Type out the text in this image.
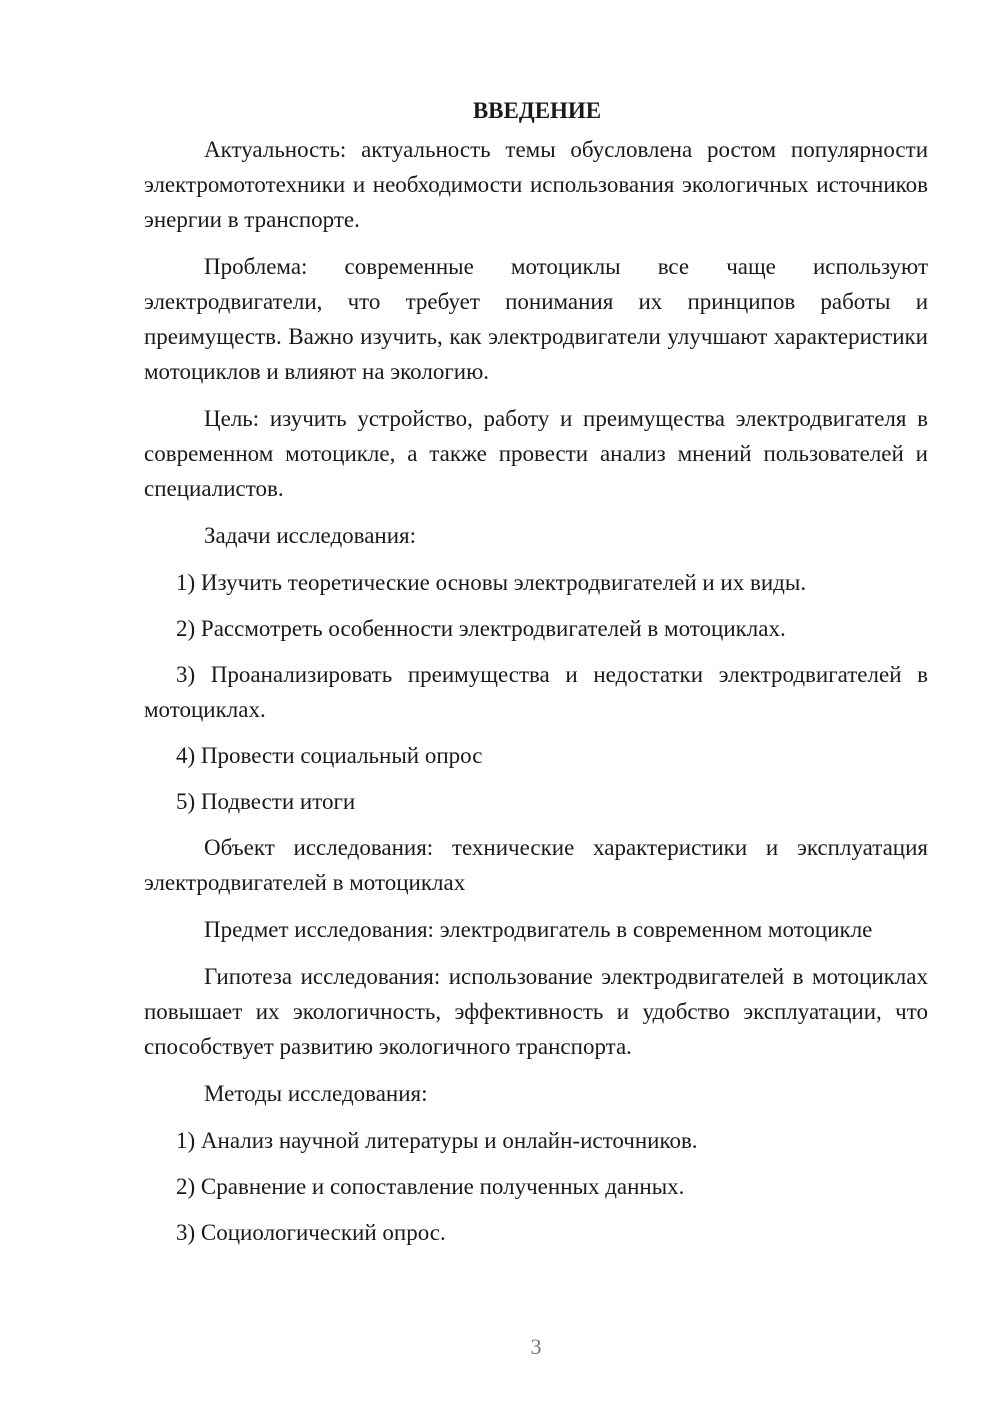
ВВЕДЕНИЕ

Актуальность: актуальность темы обусловлена ростом популярности электромототехники и необходимости использования экологичных источников энергии в транспорте.

Проблема: современные мотоциклы все чаще используют электродвигатели, что требует понимания их принципов работы и преимуществ. Важно изучить, как электродвигатели улучшают характеристики мотоциклов и влияют на экологию.

Цель: изучить устройство, работу и преимущества электродвигателя в современном мотоцикле, а также провести анализ мнений пользователей и специалистов.

Задачи исследования:

1) Изучить теоретические основы электродвигателей и их виды.

2) Рассмотреть особенности электродвигателей в мотоциклах.

3) Проанализировать преимущества и недостатки электродвигателей в мотоциклах.

4) Провести социальный опрос

5) Подвести итоги

Объект исследования: технические характеристики и эксплуатация электродвигателей в мотоциклах

Предмет исследования: электродвигатель в современном мотоцикле

Гипотеза исследования: использование электродвигателей в мотоциклах повышает их экологичность, эффективность и удобство эксплуатации, что способствует развитию экологичного транспорта.

Методы исследования:

1) Анализ научной литературы и онлайн-источников.

2) Сравнение и сопоставление полученных данных.

3) Социологический опрос.

3
